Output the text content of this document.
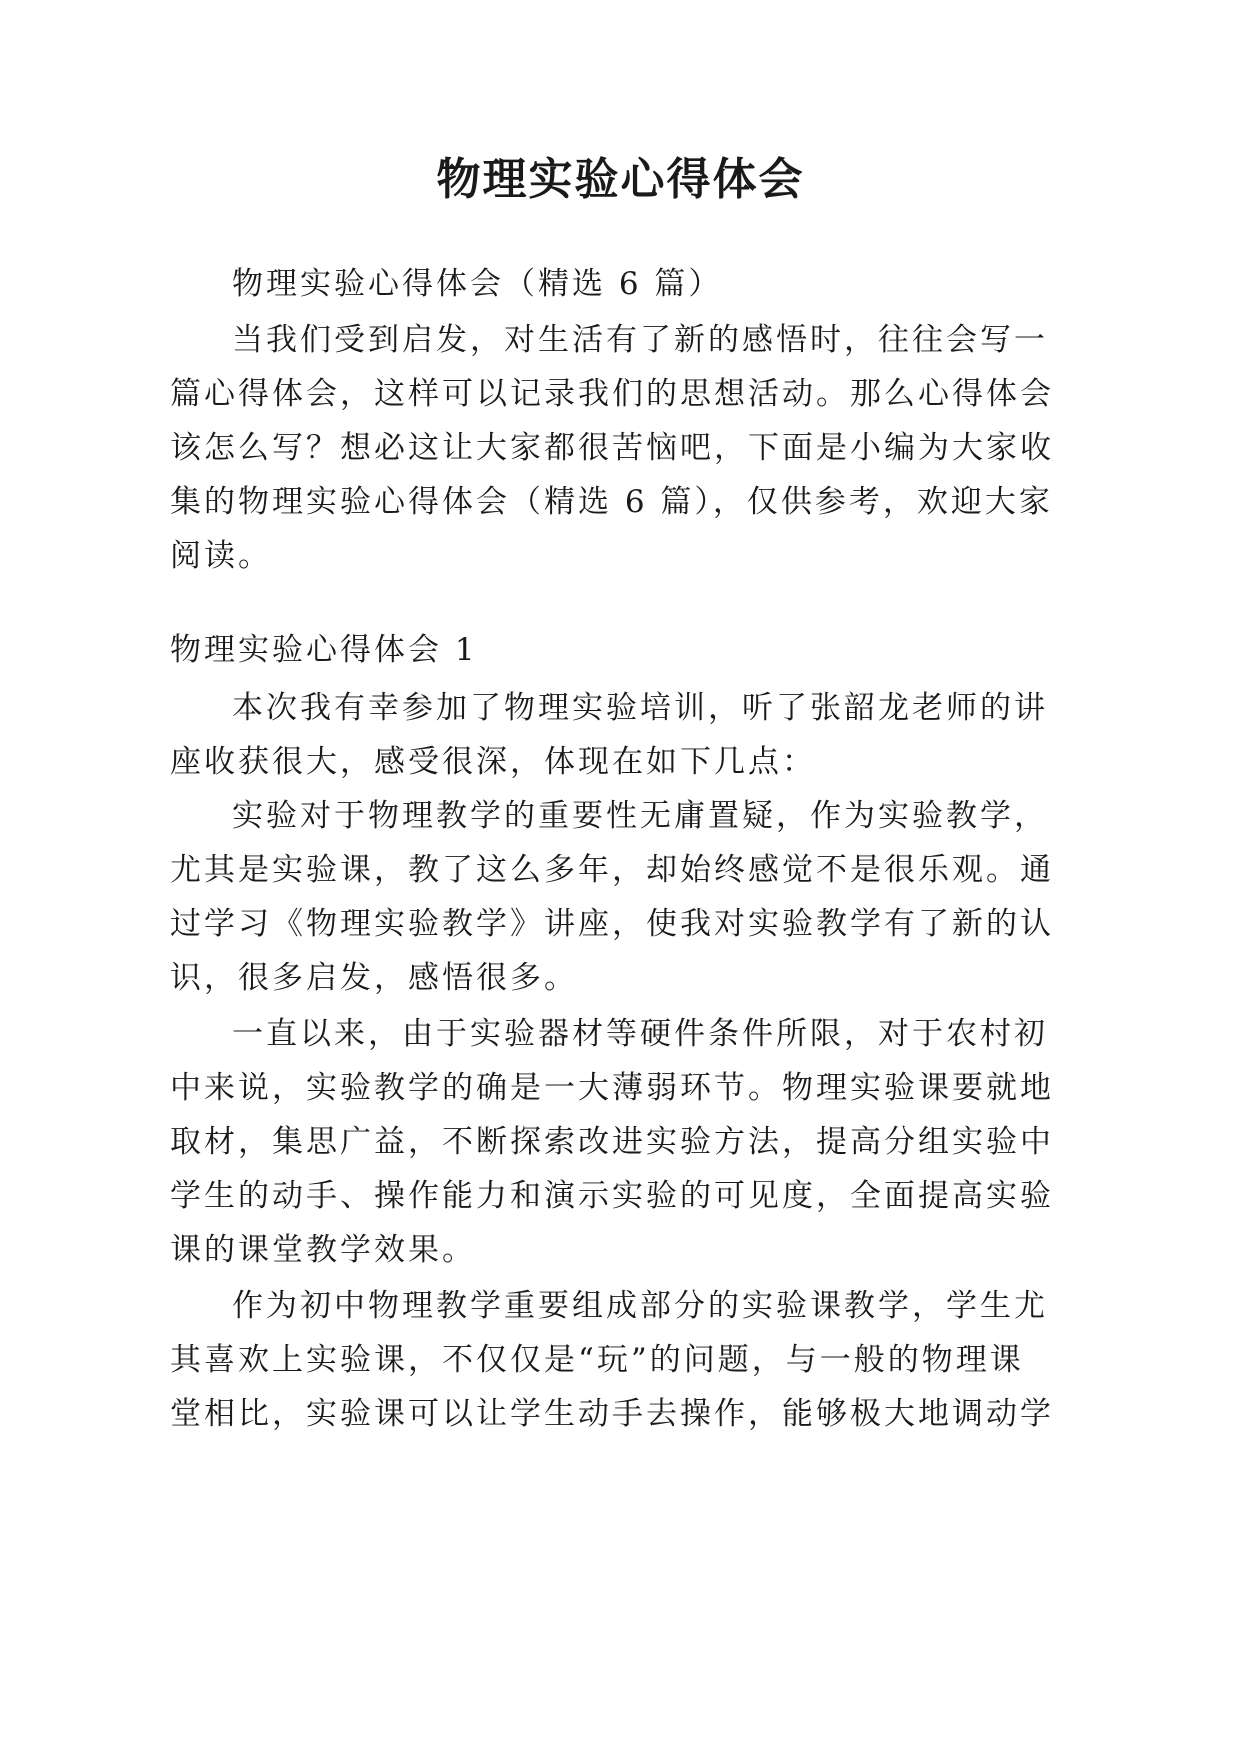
物理实验心得体会
物理实验心得体会（精选 6 篇）
当我们受到启发，对生活有了新的感悟时，往往会写一
篇心得体会，这样可以记录我们的思想活动。那么心得体会
该怎么写？想必这让大家都很苦恼吧，下面是小编为大家收
集的物理实验心得体会（精选 6 篇），仅供参考，欢迎大家
阅读。
物理实验心得体会 1
本次我有幸参加了物理实验培训，听了张韶龙老师的讲
座收获很大，感受很深，体现在如下几点：
实验对于物理教学的重要性无庸置疑，作为实验教学，
尤其是实验课，教了这么多年，却始终感觉不是很乐观。通
过学习《物理实验教学》讲座，使我对实验教学有了新的认
识，很多启发，感悟很多。
一直以来，由于实验器材等硬件条件所限，对于农村初
中来说，实验教学的确是一大薄弱环节。物理实验课要就地
取材，集思广益，不断探索改进实验方法，提高分组实验中
学生的动手、操作能力和演示实验的可见度，全面提高实验
课的课堂教学效果。
作为初中物理教学重要组成部分的实验课教学，学生尤
其喜欢上实验课，不仅仅是“玩”的问题，与一般的物理课
堂相比，实验课可以让学生动手去操作，能够极大地调动学
